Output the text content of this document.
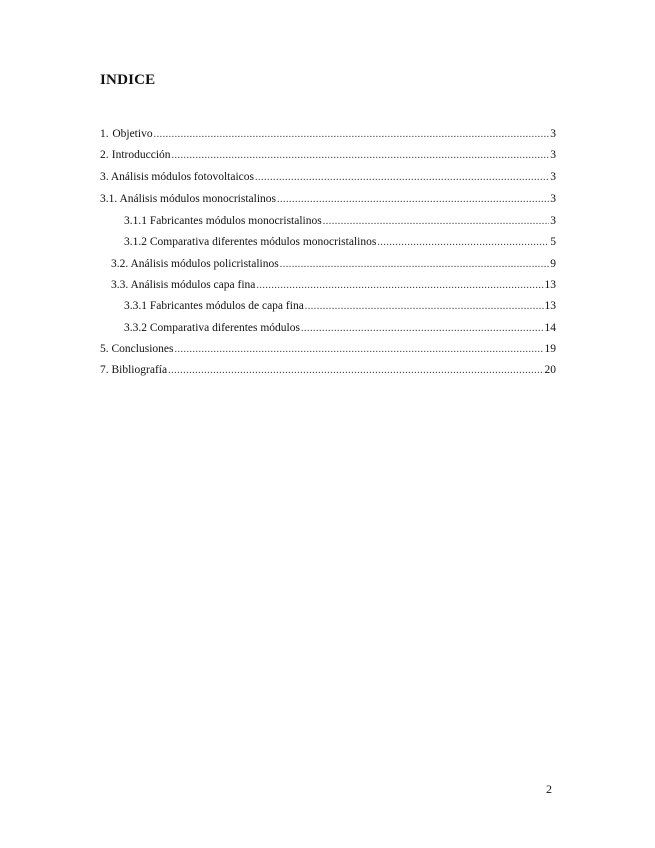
INDICE
1. Objetivo .....	3
2. Introducción .....	3
3. Análisis módulos fotovoltaicos .....	3
3.1. Análisis módulos monocristalinos .....	3
3.1.1 Fabricantes módulos monocristalinos .....	3
3.1.2 Comparativa diferentes módulos monocristalinos .....	5
3.2. Análisis módulos policristalinos .....	9
3.3. Análisis módulos capa fina .....	13
3.3.1 Fabricantes módulos de capa fina .....	13
3.3.2 Comparativa diferentes módulos .....	14
5. Conclusiones .....	19
7. Bibliografía .....	20
2
